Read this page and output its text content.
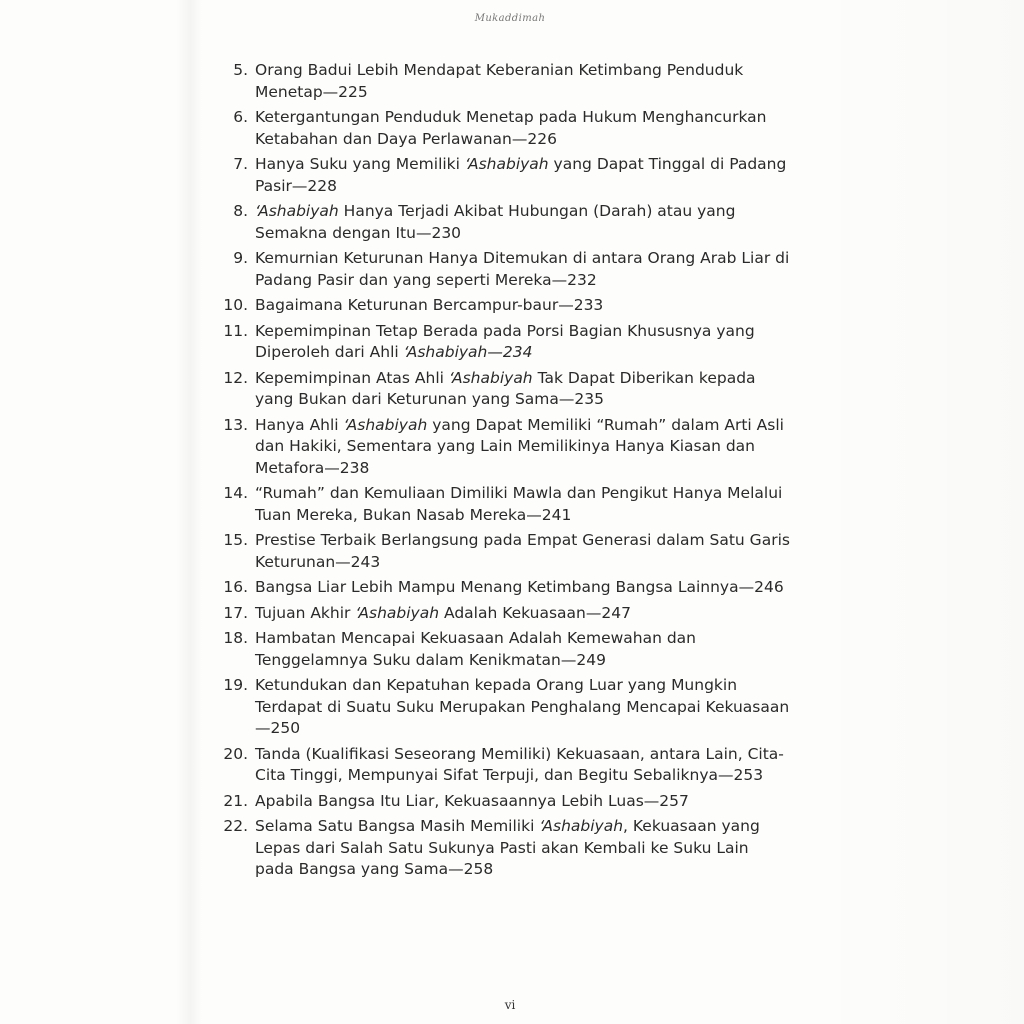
Mukaddimah
5. Orang Badui Lebih Mendapat Keberanian Ketimbang Penduduk Menetap—225
6. Ketergantungan Penduduk Menetap pada Hukum Menghancurkan Ketabahan dan Daya Perlawanan—226
7. Hanya Suku yang Memiliki ‘Ashabiyah yang Dapat Tinggal di Padang Pasir—228
8. ‘Ashabiyah Hanya Terjadi Akibat Hubungan (Darah) atau yang Semakna dengan Itu—230
9. Kemurnian Keturunan Hanya Ditemukan di antara Orang Arab Liar di Padang Pasir dan yang seperti Mereka—232
10. Bagaimana Keturunan Bercampur-baur—233
11. Kepemimpinan Tetap Berada pada Porsi Bagian Khususnya yang Diperoleh dari Ahli ‘Ashabiyah—234
12. Kepemimpinan Atas Ahli ‘Ashabiyah Tak Dapat Diberikan kepada yang Bukan dari Keturunan yang Sama—235
13. Hanya Ahli ‘Ashabiyah yang Dapat Memiliki “Rumah” dalam Arti Asli dan Hakiki, Sementara yang Lain Memilikinya Hanya Kiasan dan Metafora—238
14. “Rumah” dan Kemuliaan Dimiliki Mawla dan Pengikut Hanya Melalui Tuan Mereka, Bukan Nasab Mereka—241
15. Prestise Terbaik Berlangsung pada Empat Generasi dalam Satu Garis Keturunan—243
16. Bangsa Liar Lebih Mampu Menang Ketimbang Bangsa Lainnya—246
17. Tujuan Akhir ‘Ashabiyah Adalah Kekuasaan—247
18. Hambatan Mencapai Kekuasaan Adalah Kemewahan dan Tenggelamnya Suku dalam Kenikmatan—249
19. Ketundukan dan Kepatuhan kepada Orang Luar yang Mungkin Terdapat di Suatu Suku Merupakan Penghalang Mencapai Kekuasaan—250
20. Tanda (Kualifikasi Seseorang Memiliki) Kekuasaan, antara Lain, Cita-Cita Tinggi, Mempunyai Sifat Terpuji, dan Begitu Sebaliknya—253
21. Apabila Bangsa Itu Liar, Kekuasaannya Lebih Luas—257
22. Selama Satu Bangsa Masih Memiliki ‘Ashabiyah, Kekuasaan yang Lepas dari Salah Satu Sukunya Pasti akan Kembali ke Suku Lain pada Bangsa yang Sama—258
vi
